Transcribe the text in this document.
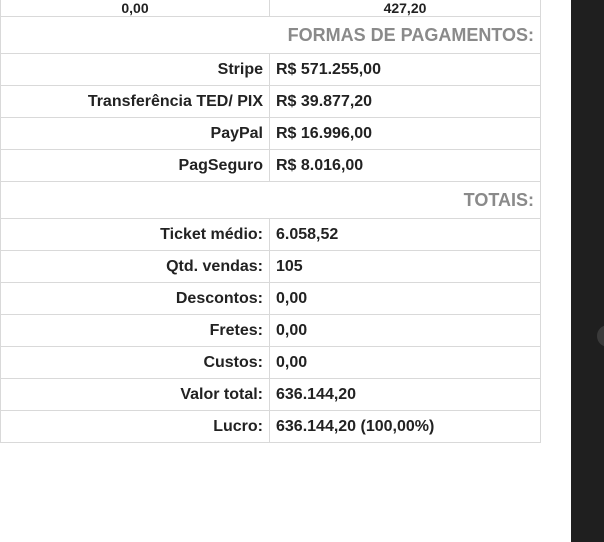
0,00	427,20
FORMAS DE PAGAMENTOS:	
Stripe	R$ 571.255,00
Transferência TED/ PIX	R$ 39.877,20
PayPal	R$ 16.996,00
PagSeguro	R$ 8.016,00
TOTAIS:	
Ticket médio:	6.058,52
Qtd. vendas:	105
Descontos:	0,00
Fretes:	0,00
Custos:	0,00
Valor total:	636.144,20
Lucro:	636.144,20 (100,00%)
